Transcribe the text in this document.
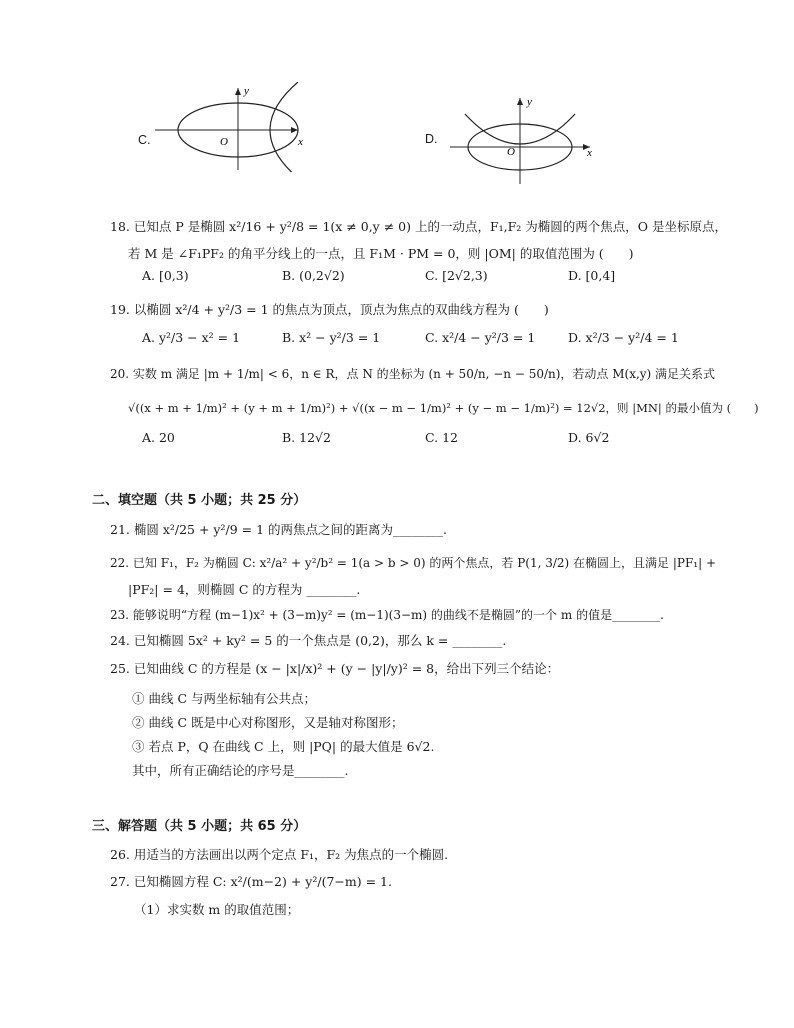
C.
y
x
O	D.
y
x
O
18. 已知点 P 是椭圆 x²/16 + y²/8 = 1(x ≠ 0,y ≠ 0) 上的一动点，F₁,F₂ 为椭圆的两个焦点，O 是坐标原点，
若 M 是 ∠F₁PF₂ 的角平分线上的一点，且 F₁M · PM = 0，则 |OM| 的取值范围为 (　　)
A. [0,3)	B. (0,2√2)	C. [2√2,3)	D. [0,4]
19. 以椭圆 x²/4 + y²/3 = 1 的焦点为顶点，顶点为焦点的双曲线方程为 (　　)
A. y²/3 − x² = 1	B. x² − y²/3 = 1	C. x²/4 − y²/3 = 1	D. x²/3 − y²/4 = 1
20. 实数 m 满足 |m + 1/m| < 6，n ∈ R，点 N 的坐标为 (n + 50/n, −n − 50/n)，若动点 M(x,y) 满足关系式
√((x + m + 1/m)² + (y + m + 1/m)²) + √((x − m − 1/m)² + (y − m − 1/m)²) = 12√2，则 |MN| 的最小值为 (　　)
A. 20	B. 12√2	C. 12	D. 6√2
二、填空题（共 5 小题；共 25 分）
21. 椭圆 x²/25 + y²/9 = 1 的两焦点之间的距离为________.
22. 已知 F₁，F₂ 为椭圆 C: x²/a² + y²/b² = 1(a > b > 0) 的两个焦点，若 P(1, 3/2) 在椭圆上，且满足 |PF₁| +
|PF₂| = 4，则椭圆 C 的方程为 ________.
23. 能够说明“方程 (m−1)x² + (3−m)y² = (m−1)(3−m) 的曲线不是椭圆”的一个 m 的值是________.
24. 已知椭圆 5x² + ky² = 5 的一个焦点是 (0,2)，那么 k = ________.
25. 已知曲线 C 的方程是 (x − |x|/x)² + (y − |y|/y)² = 8，给出下列三个结论：
① 曲线 C 与两坐标轴有公共点；
② 曲线 C 既是中心对称图形，又是轴对称图形；
③ 若点 P，Q 在曲线 C 上，则 |PQ| 的最大值是 6√2.
其中，所有正确结论的序号是________.
三、解答题（共 5 小题；共 65 分）
26. 用适当的方法画出以两个定点 F₁，F₂ 为焦点的一个椭圆.
27. 已知椭圆方程 C: x²/(m−2) + y²/(7−m) = 1.
（1）求实数 m 的取值范围；
